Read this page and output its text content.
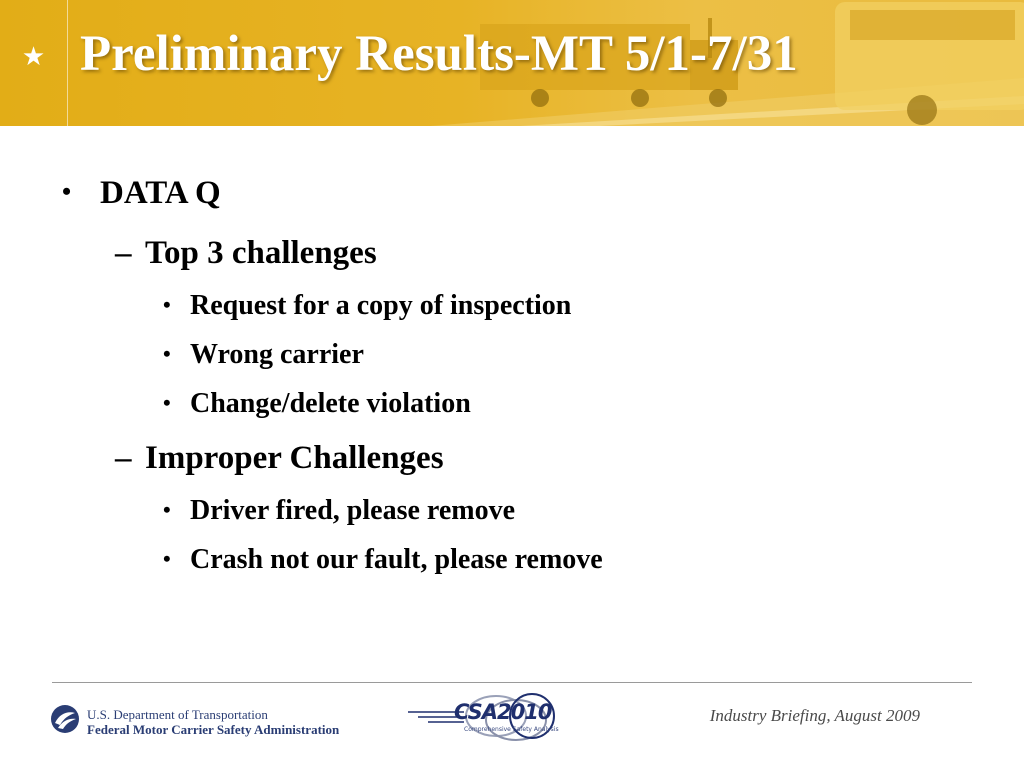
★ Preliminary Results-MT 5/1-7/31
• DATA Q
– Top 3 challenges
• Request for a copy of inspection
• Wrong carrier
• Change/delete violation
– Improper Challenges
• Driver fired, please remove
• Crash not our fault, please remove
U.S. Department of Transportation
Federal Motor Carrier Safety Administration
CSA2010
Comprehensive Safety Analysis
Industry Briefing, August 2009
